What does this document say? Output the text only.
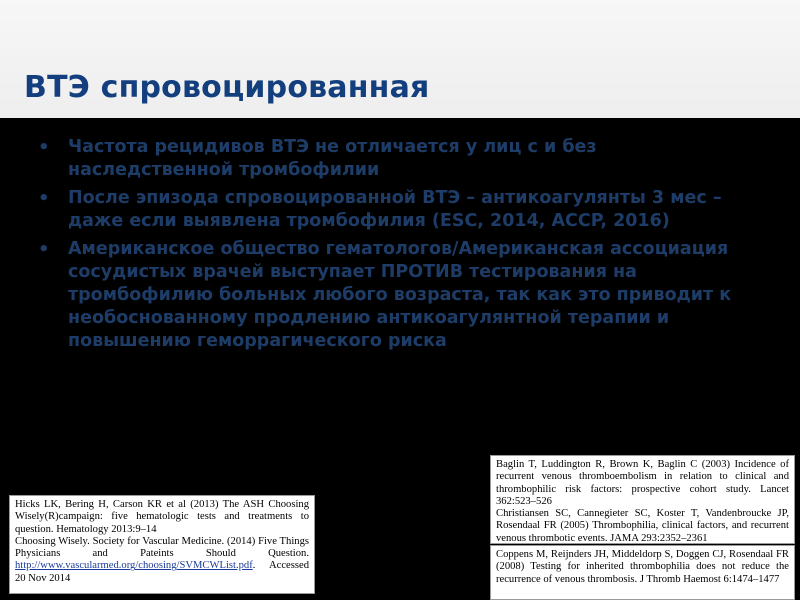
ВТЭ спровоцированная
• Частота рецидивов ВТЭ не отличается у лиц с и без наследственной тромбофилии
• После эпизода спровоцированной ВТЭ – антикоагулянты 3 мес – даже если выявлена тромбофилия (ESC, 2014, ACCP, 2016)
• Американское общество гематологов/Американская ассоциация сосудистых врачей выступает ПРОТИВ тестирования на тромбофилию больных любого возраста, так как это приводит к необоснованному продлению антикоагулянтной терапии и повышению геморрагического риска
Hicks LK, Bering H, Carson KR et al (2013) The ASH Choosing Wisely(R)campaign: five hematologic tests and treatments to question. Hematology 2013:9–14
Choosing Wisely. Society for Vascular Medicine. (2014) Five Things Physicians and Pateints Should Question. http://www.vascularmed.org/choosing/SVMCWList.pdf. Accessed 20 Nov 2014
Baglin T, Luddington R, Brown K, Baglin C (2003) Incidence of recurrent venous thromboembolism in relation to clinical and thrombophilic risk factors: prospective cohort study. Lancet 362:523–526
Christiansen SC, Cannegieter SC, Koster T, Vandenbroucke JP, Rosendaal FR (2005) Thrombophilia, clinical factors, and recurrent venous thrombotic events. JAMA 293:2352–2361
Coppens M, Reijnders JH, Middeldorp S, Doggen CJ, Rosendaal FR (2008) Testing for inherited thrombophilia does not reduce the recurrence of venous thrombosis. J Thromb Haemost 6:1474–1477
